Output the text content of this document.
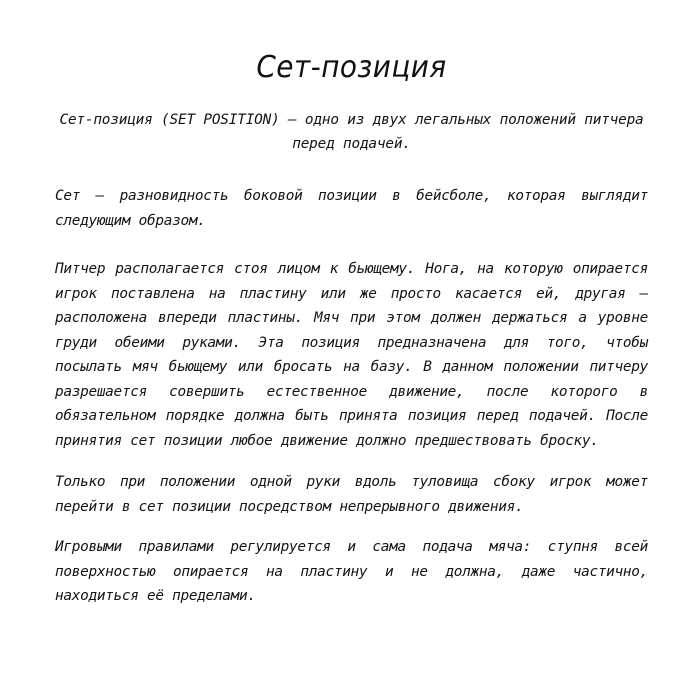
Сет-позиция

Сет-позиция (SET POSITION) — одно из двух легальных положений питчера перед подачей.

Сет — разновидность боковой позиции в бейсболе, которая выглядит следующим образом.

Питчер располагается стоя лицом к бьющему. Нога, на которую опирается игрок поставлена на пластину или же просто касается ей, другая — расположена впереди пластины. Мяч при этом должен держаться а уровне груди обеими руками. Эта позиция предназначена для того, чтобы посылать мяч бьющему или бросать на базу. В данном положении питчеру разрешается совершить естественное движение, после которого в обязательном порядке должна быть принята позиция перед подачей. После принятия сет позиции любое движение должно предшествовать броску.

Только при положении одной руки вдоль туловища сбоку игрок может перейти в сет позиции посредством непрерывного движения.

Игровыми правилами регулируется и сама подача мяча: ступня всей поверхностью опирается на пластину и не должна, даже частично, находиться её пределами.
